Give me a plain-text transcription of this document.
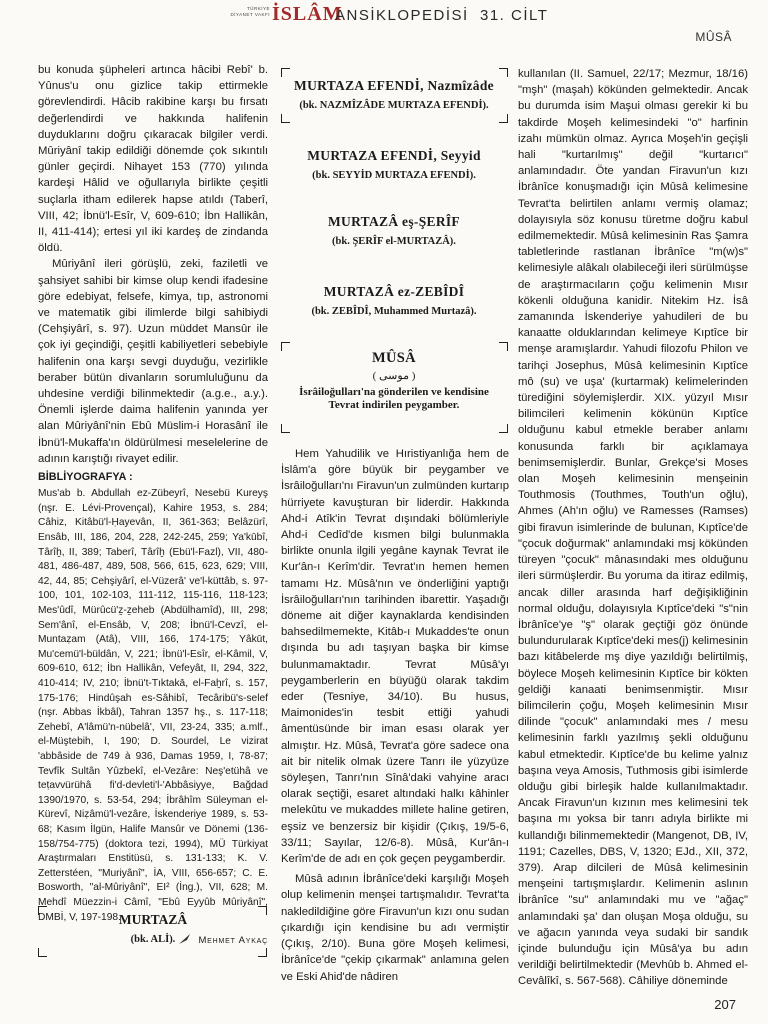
TÜRKİYE DİYANET VAKFI İSLÂM
ANSİKLOPEDİSİ 31. CİLT
MÛSÂ

bu konuda şüpheleri artınca hâcibi Rebî' b. Yûnus'u onu gizlice takip ettirmekle görevlendirdi. Hâcib rakibine karşı bu fırsatı değerlendirdi ve hakkında halifenin duyduklarını doğru çıkaracak bilgiler verdi. Mûriyânî takip edildiği dönemde çok sıkıntılı günler geçirdi. Nihayet 153 (770) yılında kardeşi Hâlid ve oğullarıyla birlikte çeşitli suçlarla itham edilerek hapse atıldı (Taberî, VIII, 42; İbnü'l-Esîr, V, 609-610; İbn Hallikân, II, 411-414); ertesi yıl iki kardeş de zindanda öldü.

Mûriyânî ileri görüşlü, zeki, faziletli ve şahsiyet sahibi bir kimse olup kendi ifadesine göre edebiyat, felsefe, kimya, tıp, astronomi ve matematik gibi ilimlerde bilgi sahibiydi (Cehşiyârî, s. 97). Uzun müddet Mansûr ile çok iyi geçindiği, çeşitli kabiliyetleri sebebiyle halifenin ona karşı sevgi duyduğu, vezirlikle beraber bütün divanların sorumluluğunu da uhdesine verdiği bilinmektedir (a.g.e., a.y.). Önemli işlerde daima halifenin yanında yer alan Mûriyânî'nin Ebû Müslim-i Horasânî ile İbnü'l-Mukaffa'ın öldürülmesi meselelerine de adının karıştığı rivayet edilir.

BİBLİYOGRAFYA :

Mus'ab b. Abdullah ez-Zübeyrî, Nesebü Kureyş (nşr. E. Lévi-Provençal), Kahire 1953, s. 284; Câhiz, Kitâbü'l-Ḥayevân, II, 361-363; Belâzürî, Ensâb, III, 186, 204, 228, 242-245, 259; Ya'kūbî, Târîḫ, II, 389; Taberî, Târîḫ (Ebü'l-Fazl), VII, 480-481, 486-487, 489, 508, 566, 615, 623, 629; VIII, 42, 44, 85; Cehşiyârî, el-Vüzerâ' ve'l-küttâb, s. 97-100, 101, 102-103, 111-112, 115-116, 118-123; Mes'ûdî, Mürûcü'ẕ-ẕeheb (Abdülhamîd), III, 298; Sem'ânî, el-Ensâb, V, 208; İbnü'l-Cevzî, el-Muntaẓam (Atâ), VIII, 166, 174-175; Yâkūt, Mu'cemü'l-büldân, V, 221; İbnü'l-Esîr, el-Kâmil, V, 609-610, 612; İbn Hallikân, Vefeyât, II, 294, 322, 410-414; IV, 210; İbnü't-Tıktakā, el-Faḫrî, s. 157, 175-176; Hindûşah es-Sâhibî, Tecâribü's-selef (nşr. Abbas İkbâl), Tahran 1357 hş., s. 117-118; Zehebî, A'lâmü'n-nübelâ', VII, 23-24, 335; a.mlf., el-Müştebih, I, 190; D. Sourdel, Le vizirat 'abbâside de 749 à 936, Damas 1959, I, 78-87; Tevfîk Sultân Yûzbekî, el-Vezâre: Neş'etühâ ve teṭavvürühâ fi'd-devleti'l-'Abbâsiyye, Bağdad 1390/1970, s. 53-54, 294; İbrâhîm Süleyman el-Kürevî, Niẓâmü'l-vezâre, İskenderiye 1989, s. 53-68; Kasım İlgün, Halife Mansûr ve Dönemi (136-158/754-775) (doktora tezi, 1994), MÜ Türkiyat Araştırmaları Enstitüsü, s. 131-133; K. V. Zetterstéen, "Muriyânî", İA, VIII, 656-657; C. E. Bosworth, "al-Mûriyânî", EI² (İng.), VII, 628; M. Mehdî Müezzin-i Câmî, "Ebû Eyyûb Mûriyânî", DMBİ, V, 197-198.

Mehmet Aykaç

MURTAZÂ
(bk. ALİ).
MURTAZA EFENDİ, Nazmîzâde
(bk. NAZMÎZÂDE MURTAZA EFENDİ).
MURTAZA EFENDİ, Seyyid
(bk. SEYYİD MURTAZA EFENDİ).
MURTAZÂ eş-ŞERÎF
(bk. ŞERÎF el-MURTAZÂ).
MURTAZÂ ez-ZEBÎDÎ
(bk. ZEBÎDÎ, Muhammed Murtazâ).
MÛSÂ
( موسى )
İsrâiloğulları'na gönderilen ve kendisine Tevrat indirilen peygamber.

Hem Yahudilik ve Hıristiyanlığa hem de İslâm'a göre büyük bir peygamber ve İsrâiloğulları'nı Firavun'un zulmünden kurtarıp hürriyete kavuşturan bir liderdir. Hakkında Ahd-i Atîk'in Tevrat dışındaki bölümleriyle Ahd-i Cedîd'de kısmen bilgi bulunmakla birlikte onunla ilgili yegâne kaynak Tevrat ile Kur'ân-ı Kerîm'dir. Tevrat'ın hemen hemen tamamı Hz. Mûsâ'nın ve önderliğini yaptığı İsrâiloğulları'nın tarihinden ibarettir. Yaşadığı döneme ait diğer kaynaklarda kendisinden bahsedilmemekte, Kitâb-ı Mukaddes'te onun dışında bu adı taşıyan başka bir kimse bulunmamaktadır. Tevrat Mûsâ'yı peygamberlerin en büyüğü olarak takdim eder (Tesniye, 34/10). Bu husus, Maimonides'in tesbit ettiği yahudi âmentüsünde bir iman esası olarak yer almıştır. Hz. Mûsâ, Tevrat'a göre sadece ona ait bir nitelik olmak üzere Tanrı ile yüzyüze söyleşen, Tanrı'nın Sînâ'daki vahyine aracı olarak seçtiği, esaret altındaki halkı kâhinler melekûtu ve mukaddes millete haline getiren, eşsiz ve benzersiz bir kişidir (Çıkış, 19/5-6, 33/11; Sayılar, 12/6-8). Mûsâ, Kur'ân-ı Kerîm'de de adı en çok geçen peygamberdir.

Mûsâ adının İbrânîce'deki karşılığı Moşeh olup kelimenin menşei tartışmalıdır. Tevrat'ta nakledildiğine göre Firavun'un kızı onu sudan çıkardığı için kendisine bu adı vermiştir (Çıkış, 2/10). Buna göre Moşeh kelimesi, İbrânîce'de "çekip çıkarmak" anlamına gelen ve Eski Ahid'de nâdiren

kullanılan (II. Samuel, 22/17; Mezmur, 18/16) "mşh" (maşah) kökünden gelmektedir. Ancak bu durumda isim Maşui olması gerekir ki bu takdirde Moşeh kelimesindeki "o" harfinin izahı mümkün olmaz. Ayrıca Moşeh'in geçişli hali "kurtarılmış" değil "kurtarıcı" anlamındadır. Öte yandan Firavun'un kızı İbrânîce konuşmadığı için Mûsâ kelimesine Tevrat'ta belirtilen anlamı vermiş olamaz; dolayısıyla söz konusu türetme doğru kabul edilmemektedir. Mûsâ kelimesinin Ras Şamra tabletlerinde rastlanan İbrânîce "m(w)s" kelimesiyle alâkalı olabileceği ileri sürülmüşse de araştırmacıların çoğu kelimenin Mısır kökenli olduğuna kanidir. Nitekim Hz. İsâ zamanında İskenderiye yahudileri de bu kanaatte olduklarından kelimeye Kıptîce bir menşe aramışlardır. Yahudi filozofu Philon ve tarihçi Josephus, Mûsâ kelimesinin Kıptîce mô (su) ve uşa' (kurtarmak) kelimelerinden türediğini söylemişlerdir. XIX. yüzyıl Mısır bilimcileri kelimenin kökünün Kıptîce olduğunu kabul etmekle beraber anlamı konusunda farklı bir açıklamaya benimsemişlerdir. Bunlar, Grekçe'si Moses olan Moşeh kelimesinin menşeinin Touthmosis (Touthmes, Touth'un oğlu), Ahmes (Ah'ın oğlu) ve Ramesses (Ramses) gibi firavun isimlerinde de bulunan, Kıptîce'de "çocuk doğurmak" anlamındaki msj kökünden türeyen "çocuk" mânasındaki mes olduğunu ileri sürmüşlerdir. Bu yoruma da itiraz edilmiş, ancak diller arasında harf değişikliğinin normal olduğu, dolayısıyla Kıptîce'deki "s"nin İbrânîce'ye "ş" olarak geçtiği göz önünde bulundurularak Kıptîce'deki mes(j) kelimesinin bazı kitâbelerde mş diye yazıldığı belirtilmiş, böylece Moşeh kelimesinin Kıptîce bir kökten geldiği kanaati benimsenmiştir. Mısır bilimcilerin çoğu, Moşeh kelimesinin Mısır dilinde "çocuk" anlamındaki mes / mesu kelimesinin farklı yazılmış şekli olduğunu kabul etmektedir. Kıptîce'de bu kelime yalnız başına veya Amosis, Tuthmosis gibi isimlerde olduğu gibi birleşik halde kullanılmaktadır. Ancak Firavun'un kızının mes kelimesini tek başına mı yoksa bir tanrı adıyla birlikte mi kullandığı bilinmemektedir (Mangenot, DB, IV, 1191; Cazelles, DBS, V, 1320; EJd., XII, 372, 379). Arap dilcileri de Mûsâ kelimesinin menşeini tartışmışlardır. Kelimenin aslının İbrânîce "su" anlamındaki mu ve "ağaç" anlamındaki şa' dan oluşan Moşa olduğu, su ve ağacın yanında veya sudaki bir sandık içinde bulunduğu için Mûsâ'ya bu adın verildiği belirtilmektedir (Mevhûb b. Ahmed el-Cevâlîkî, s. 567-568). Câhiliye döneminde

207
